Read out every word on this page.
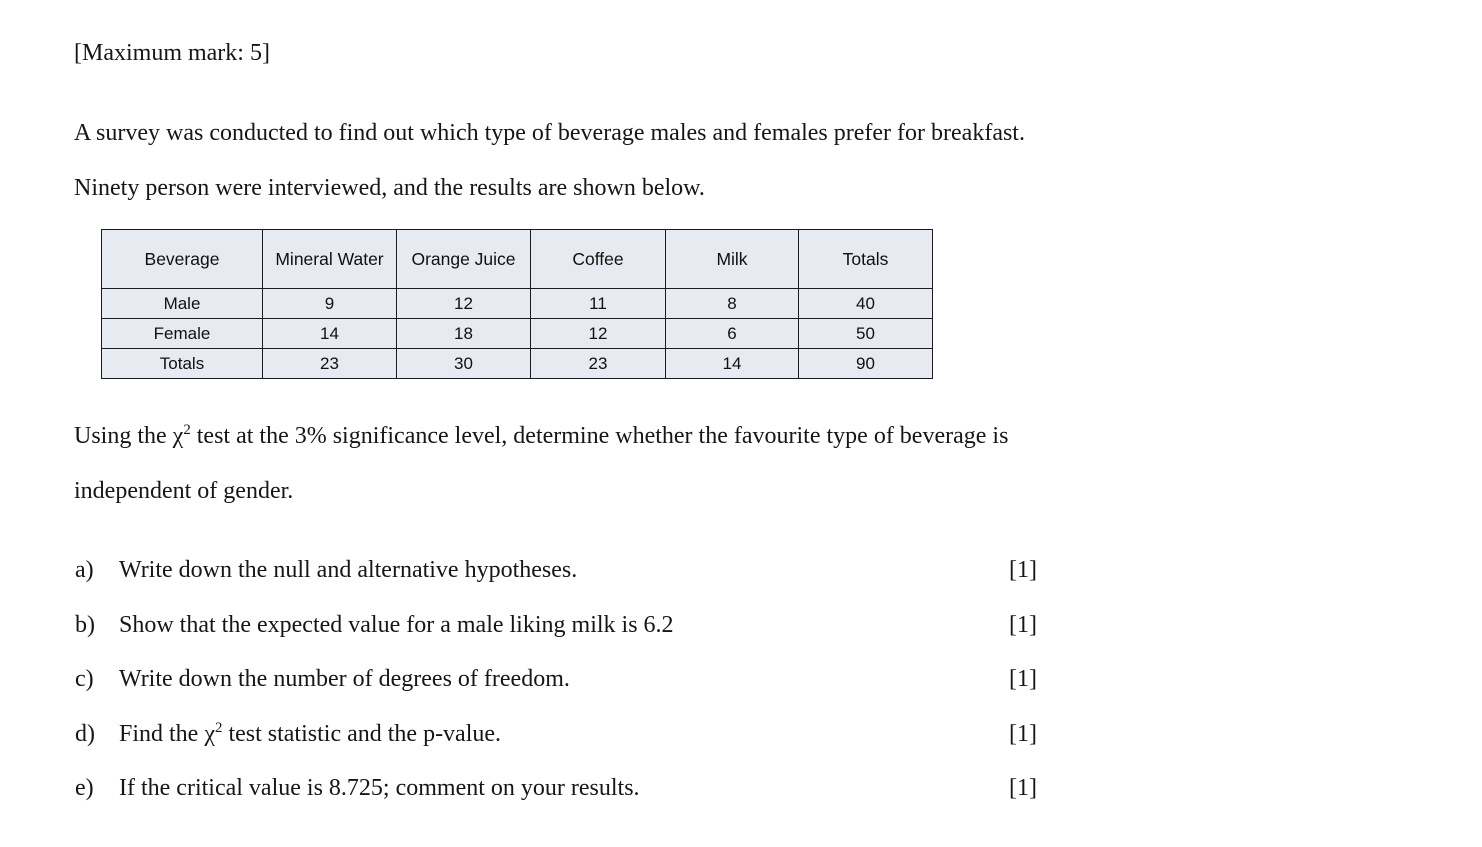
[Maximum mark: 5]
A survey was conducted to find out which type of beverage males and females prefer for breakfast.
Ninety person were interviewed, and the results are shown below.
Beverage	Mineral Water	Orange Juice	Coffee	Milk	Totals
Male	9	12	11	8	40
Female	14	18	12	6	50
Totals	23	30	23	14	90
Using the $\chi^2$ test at the 3% significance level, determine whether the favourite type of beverage is
independent of gender.
a) Write down the null and alternative hypotheses.	[1]
b) Show that the expected value for a male liking milk is 6.2	[1]
c) Write down the number of degrees of freedom.	[1]
d) Find the $\chi^2$ test statistic and the p-value.	[1]
e) If the critical value is 8.725; comment on your results.	[1]
